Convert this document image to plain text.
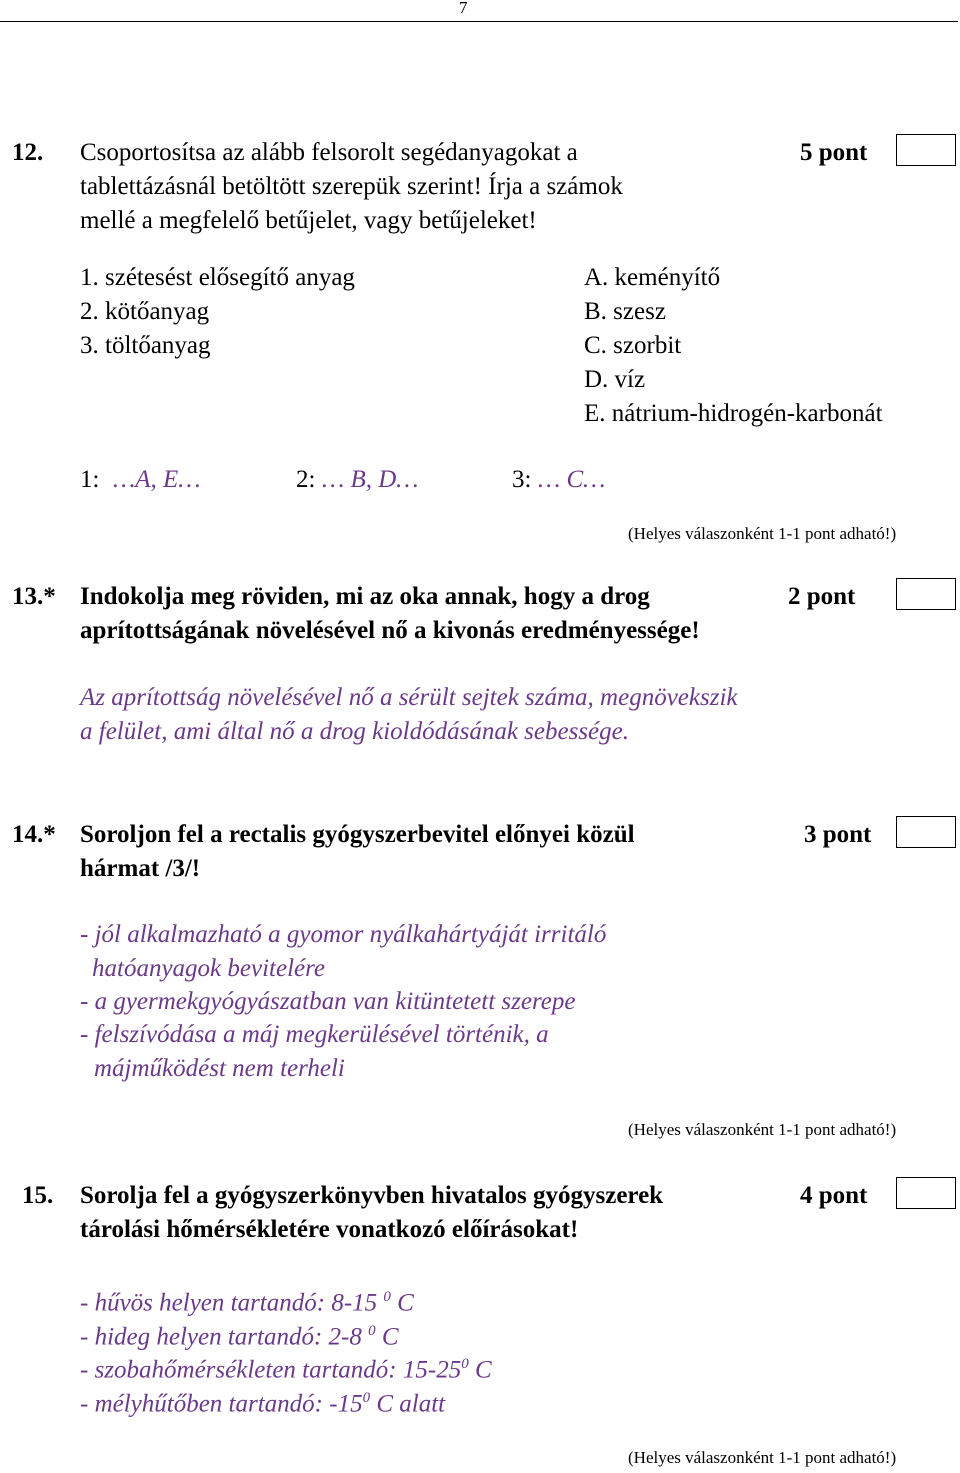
7
12. Csoportosítsa az alább felsorolt segédanyagokat a
tablettázásnál betöltött szerepük szerint! Írja a számok
mellé a megfelelő betűjelet, vagy betűjeleket!
5 pont
1. szétesést elősegítő anyag
2. kötőanyag
3. töltőanyag
A. keményítő
B. szesz
C. szorbit
D. víz
E. nátrium-hidrogén-karbonát
1: …A, E…	2: … B, D…	3: … C…
(Helyes válaszonként 1-1 pont adható!)
13.* Indokolja meg röviden, mi az oka annak, hogy a drog
aprítottságának növelésével nő a kivonás eredményessége!
2 pont
Az aprítottság növelésével nő a sérült sejtek száma, megnövekszik
a felület, ami által nő a drog kioldódásának sebessége.
14.* Soroljon fel a rectalis gyógyszerbevitel előnyei közül
hármat /3/!
3 pont
- jól alkalmazható a gyomor nyálkahártyáját irritáló
hatóanyagok bevitelére
- a gyermekgyógyászatban van kitüntetett szerepe
- felszívódása a máj megkerülésével történik, a
májműködést nem terheli
(Helyes válaszonként 1-1 pont adható!)
15. Sorolja fel a gyógyszerkönyvben hivatalos gyógyszerek
tárolási hőmérsékletére vonatkozó előírásokat!
4 pont
- hűvös helyen tartandó: 8-15 $^0$ C
- hideg helyen tartandó: 2-8 $^0$ C
- szobahőmérsékleten tartandó: $15-25^0$ C
- mélyhűtőben tartandó: $-15^0$ C alatt
(Helyes válaszonként 1-1 pont adható!)
